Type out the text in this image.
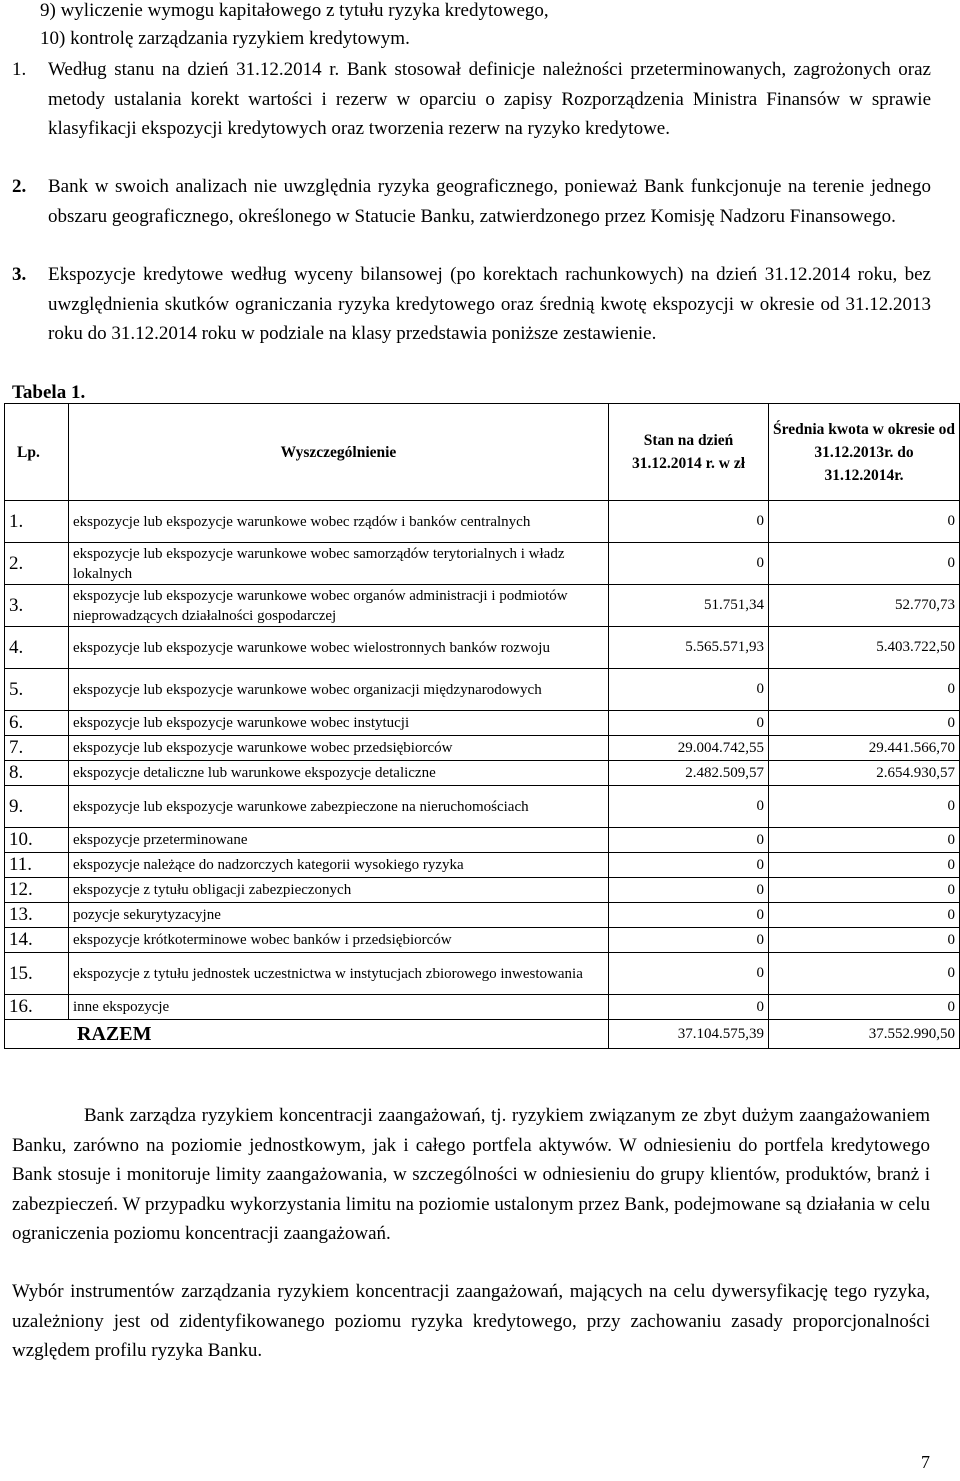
9) wyliczenie wymogu kapitałowego z tytułu ryzyka kredytowego,

10) kontrolę zarządzania ryzykiem kredytowym.

1.	Według stanu na dzień 31.12.2014 r. Bank stosował definicje należności przeterminowanych, zagrożonych oraz metody ustalania korekt wartości i rezerw w oparciu o zapisy Rozporządzenia Ministra Finansów w sprawie klasyfikacji ekspozycji kredytowych oraz tworzenia rezerw na ryzyko kredytowe.
2.	Bank w swoich analizach nie uwzględnia ryzyka geograficznego, ponieważ Bank funkcjonuje na terenie jednego obszaru geograficznego, określonego w Statucie Banku, zatwierdzonego przez Komisję Nadzoru Finansowego.
3.	Ekspozycje kredytowe według wyceny bilansowej (po korektach rachunkowych) na dzień 31.12.2014 roku, bez uwzględnienia skutków ograniczania ryzyka kredytowego oraz średnią kwotę ekspozycji w okresie od 31.12.2013 roku do 31.12.2014 roku w podziale na klasy przedstawia poniższe zestawienie.

Tabela 1.

Lp.	Wyszczególnienie	Stan na dzień 31.12.2014 r. w zł	Średnia kwota w okresie od 31.12.2013r. do 31.12.2014r.
1.	ekspozycje lub ekspozycje warunkowe wobec rządów i banków centralnych	0	0
2.	ekspozycje lub ekspozycje warunkowe wobec samorządów terytorialnych i władz lokalnych	0	0
3.	ekspozycje lub ekspozycje warunkowe wobec organów administracji i podmiotów nieprowadzących działalności gospodarczej	51.751,34	52.770,73
4.	ekspozycje lub ekspozycje warunkowe wobec wielostronnych banków rozwoju	5.565.571,93	5.403.722,50
5.	ekspozycje lub ekspozycje warunkowe wobec organizacji międzynarodowych	0	0
6.	ekspozycje lub ekspozycje warunkowe wobec instytucji	0	0
7.	ekspozycje lub ekspozycje warunkowe wobec przedsiębiorców	29.004.742,55	29.441.566,70
8.	ekspozycje detaliczne lub warunkowe ekspozycje detaliczne	2.482.509,57	2.654.930,57
9.	ekspozycje lub ekspozycje warunkowe zabezpieczone na nieruchomościach	0	0
10.	ekspozycje przeterminowane	0	0
11.	ekspozycje należące do nadzorczych kategorii wysokiego ryzyka	0	0
12.	ekspozycje z tytułu obligacji zabezpieczonych	0	0
13.	pozycje sekurytyzacyjne	0	0
14.	ekspozycje krótkoterminowe wobec banków i przedsiębiorców	0	0
15.	ekspozycje z tytułu jednostek uczestnictwa w instytucjach zbiorowego inwestowania	0	0
16.	inne ekspozycje	0	0
RAZEM		37.104.575,39	37.552.990,50

Bank zarządza ryzykiem koncentracji zaangażowań, tj. ryzykiem związanym ze zbyt dużym zaangażowaniem Banku, zarówno na poziomie jednostkowym, jak i całego portfela aktywów. W odniesieniu do portfela kredytowego Bank stosuje i monitoruje limity zaangażowania, w szczególności w odniesieniu do grupy klientów, produktów, branż i zabezpieczeń. W przypadku wykorzystania limitu na poziomie ustalonym przez Bank, podejmowane są działania w celu ograniczenia poziomu koncentracji zaangażowań.

Wybór instrumentów zarządzania ryzykiem koncentracji zaangażowań, mających na celu dywersyfikację tego ryzyka, uzależniony jest od zidentyfikowanego poziomu ryzyka kredytowego, przy zachowaniu zasady proporcjonalności względem profilu ryzyka Banku.

7
